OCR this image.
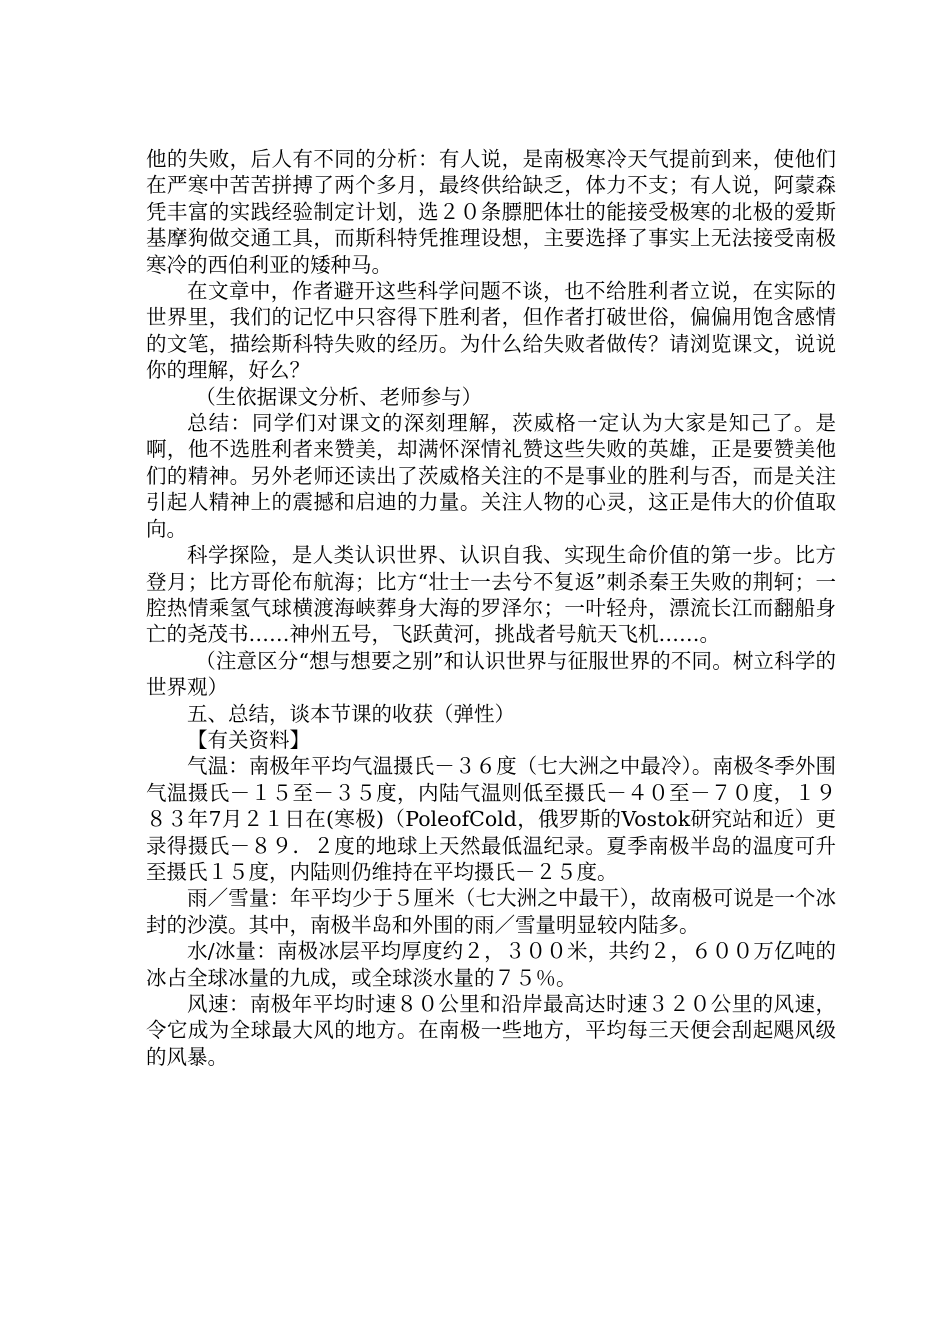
他的失败，后人有不同的分析：有人说，是南极寒冷天气提前到来，使他们在严寒中苦苦拼搏了两个多月，最终供给缺乏，体力不支；有人说，阿蒙森凭丰富的实践经验制定计划，选２０条膘肥体壮的能接受极寒的北极的爱斯基摩狗做交通工具，而斯科特凭推理设想，主要选择了事实上无法接受南极寒冷的西伯利亚的矮种马。

在文章中，作者避开这些科学问题不谈，也不给胜利者立说，在实际的世界里，我们的记忆中只容得下胜利者，但作者打破世俗，偏偏用饱含感情的文笔，描绘斯科特失败的经历。为什么给失败者做传？请浏览课文，说说你的理解，好么？

（生依据课文分析、老师参与）

总结：同学们对课文的深刻理解，茨威格一定认为大家是知己了。是啊，他不选胜利者来赞美，却满怀深情礼赞这些失败的英雄，正是要赞美他们的精神。另外老师还读出了茨威格关注的不是事业的胜利与否，而是关注引起人精神上的震撼和启迪的力量。关注人物的心灵，这正是伟大的价值取向。

科学探险，是人类认识世界、认识自我、实现生命价值的第一步。比方登月；比方哥伦布航海；比方“壮士一去兮不复返”刺杀秦王失败的荆轲；一腔热情乘氢气球横渡海峡葬身大海的罗泽尔；一叶轻舟，漂流长江而翻船身亡的尧茂书……神州五号，飞跃黄河，挑战者号航天飞机……。

（注意区分“想与想要之别”和认识世界与征服世界的不同。树立科学的世界观）

五、总结，谈本节课的收获（弹性）

【有关资料】

气温：南极年平均气温摄氏－３６度（七大洲之中最冷）。南极冬季外围气温摄氏－１５至－３５度，内陆气温则低至摄氏－４０至－７０度，１９８３年7月２１日在(寒极)（PoleofCold，俄罗斯的Vostok研究站和近）更录得摄氏－８９．２度的地球上天然最低温纪录。夏季南极半岛的温度可升至摄氏１５度，内陆则仍维持在平均摄氏－２５度。

雨／雪量：年平均少于５厘米（七大洲之中最干），故南极可说是一个冰封的沙漠。其中，南极半岛和外围的雨／雪量明显较内陆多。

水/冰量：南极冰层平均厚度约２，３００米，共约２，６００万亿吨的冰占全球冰量的九成，或全球淡水量的７５％。

风速：南极年平均时速８０公里和沿岸最高达时速３２０公里的风速，令它成为全球最大风的地方。在南极一些地方，平均每三天便会刮起飓风级的风暴。
